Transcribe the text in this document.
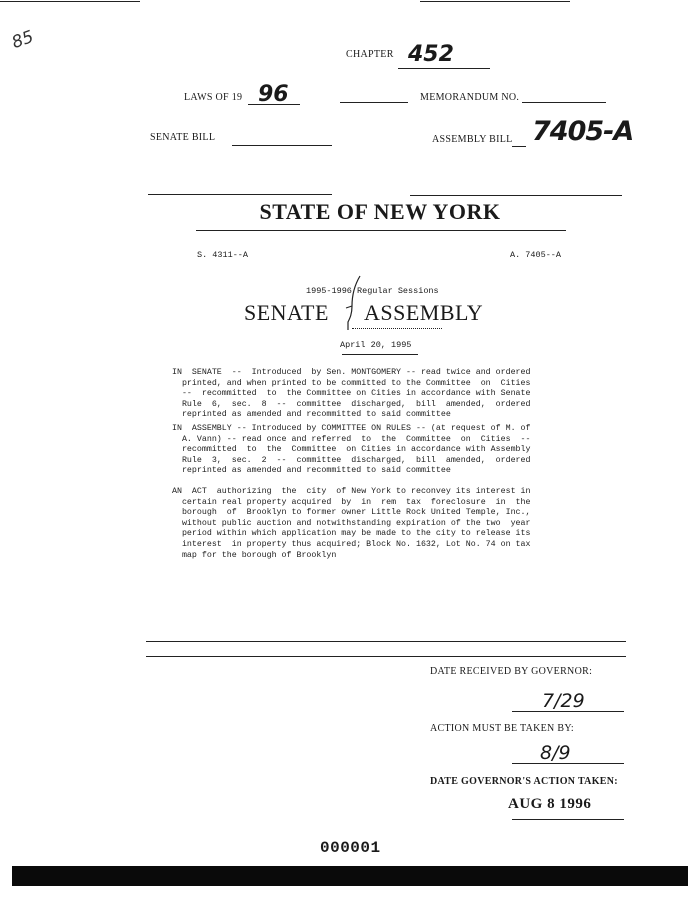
85
CHAPTER 452
LAWS OF 19 96	MEMORANDUM NO.
SENATE BILL	ASSEMBLY BILL 7405-A
STATE OF NEW YORK
S. 4311--A	A. 7405--A
1995-1996 Regular Sessions
SENATE ASSEMBLY
April 20, 1995
IN  SENATE  --  Introduced  by Sen. MONTGOMERY -- read twice and ordered
printed, and when printed to be committed to the Committee  on  Cities
--  recommitted  to  the Committee on Cities in accordance with Senate
Rule  6,  sec.  8  --  committee  discharged,  bill  amended,  ordered
reprinted as amended and recommitted to said committee
IN  ASSEMBLY -- Introduced by COMMITTEE ON RULES -- (at request of M. of
A. Vann) -- read once and referred  to  the  Committee  on  Cities  --
recommitted  to  the  Committee  on Cities in accordance with Assembly
Rule  3,  sec.  2  --  committee  discharged,  bill  amended,  ordered
reprinted as amended and recommitted to said committee
AN  ACT  authorizing  the  city  of New York to reconvey its interest in
certain real property acquired  by  in  rem  tax  foreclosure  in  the
borough  of  Brooklyn to former owner Little Rock United Temple, Inc.,
without public auction and notwithstanding expiration of the two  year
period within which application may be made to the city to release its
interest  in property thus acquired; Block No. 1632, Lot No. 74 on tax
map for the borough of Brooklyn
DATE RECEIVED BY GOVERNOR:
7/29
ACTION MUST BE TAKEN BY:
8/9
DATE GOVERNOR'S ACTION TAKEN:
AUG 8 1996
000001
